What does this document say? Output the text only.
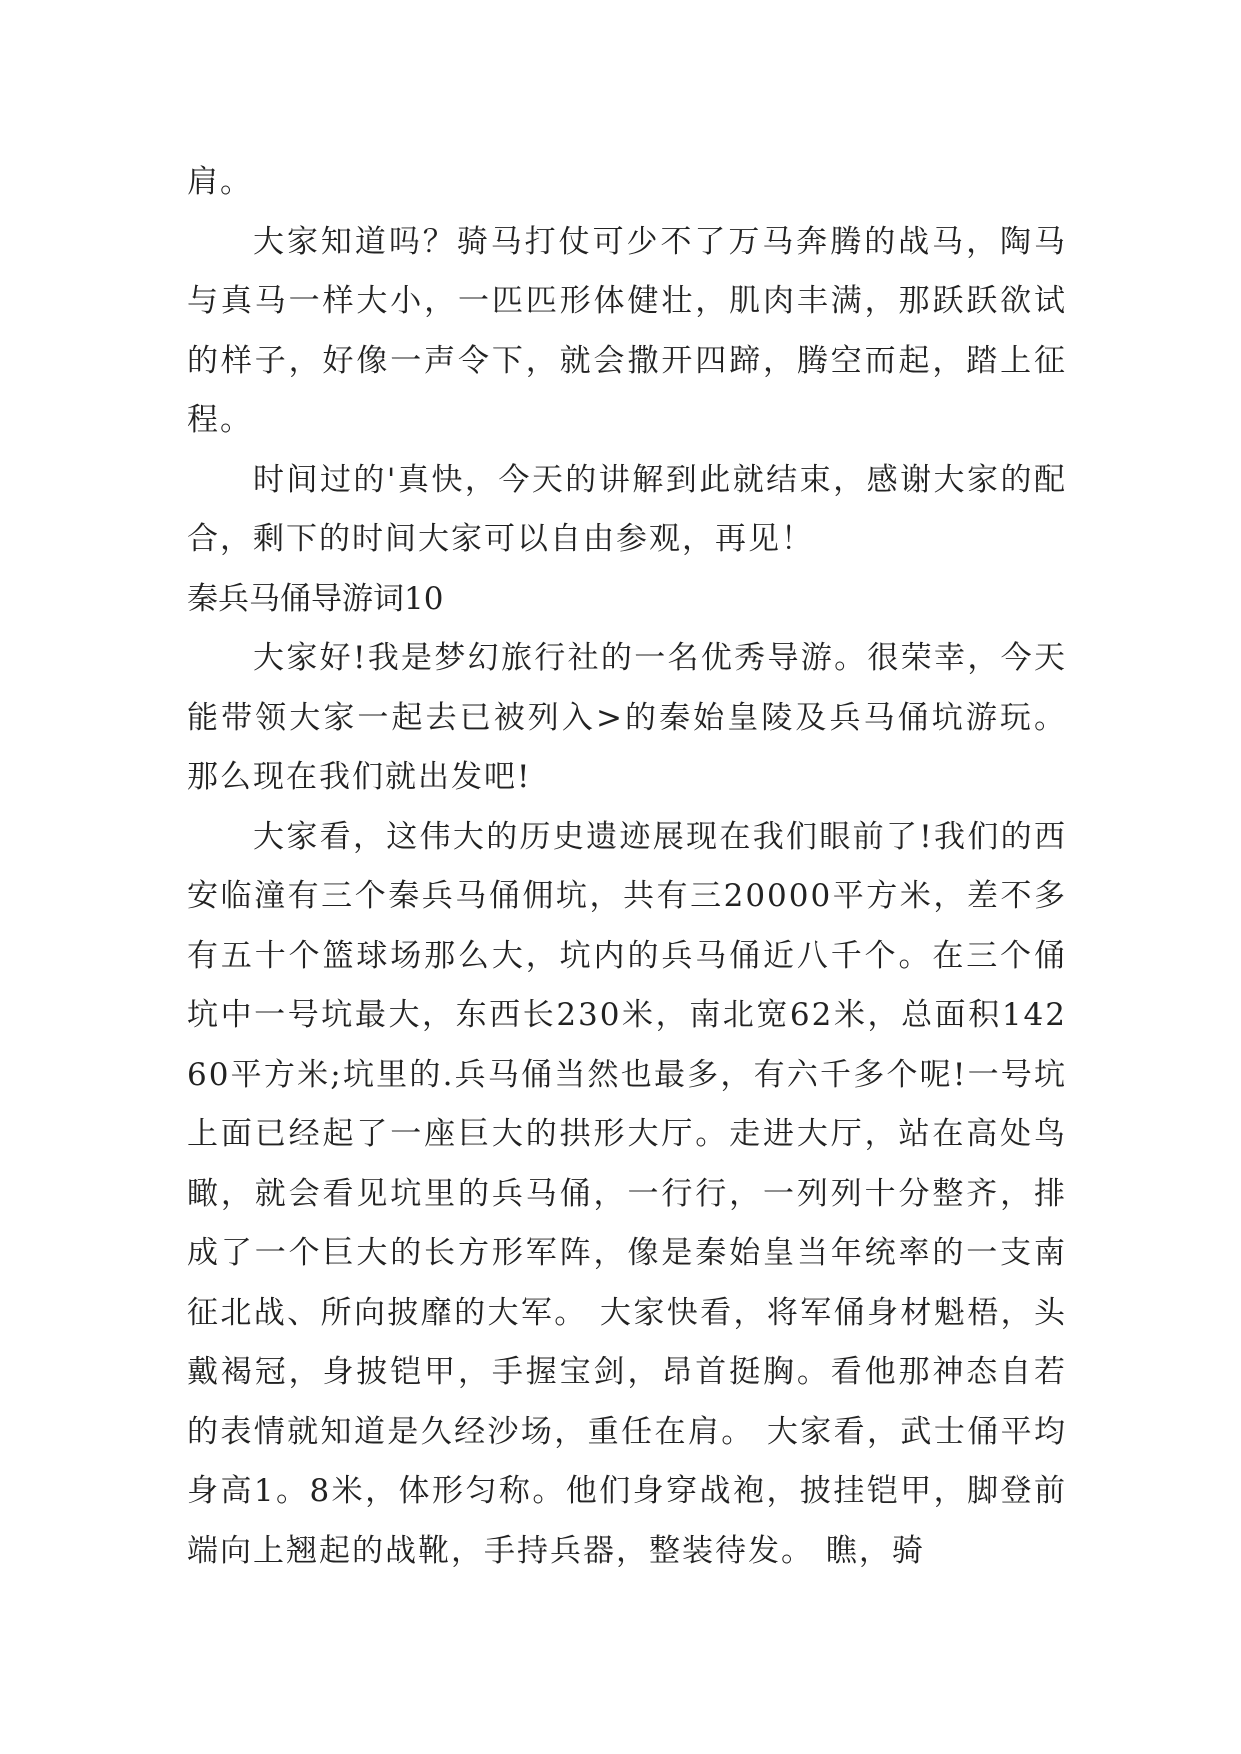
肩。

大家知道吗？骑马打仗可少不了万马奔腾的战马，陶马与真马一样大小，一匹匹形体健壮，肌肉丰满，那跃跃欲试的样子，好像一声令下，就会撒开四蹄，腾空而起，踏上征程。

时间过的'真快，今天的讲解到此就结束，感谢大家的配合，剩下的时间大家可以自由参观，再见！

秦兵马俑导游词10

大家好!我是梦幻旅行社的一名优秀导游。很荣幸，今天能带领大家一起去已被列入>的秦始皇陵及兵马俑坑游玩。那么现在我们就出发吧!

大家看，这伟大的历史遗迹展现在我们眼前了!我们的西安临潼有三个秦兵马俑佣坑，共有三20000平方米，差不多有五十个篮球场那么大，坑内的兵马俑近八千个。在三个俑坑中一号坑最大，东西长230米，南北宽62米，总面积14260平方米;坑里的.兵马俑当然也最多，有六千多个呢!一号坑上面已经起了一座巨大的拱形大厅。走进大厅，站在高处鸟瞰，就会看见坑里的兵马俑，一行行，一列列十分整齐，排成了一个巨大的长方形军阵，像是秦始皇当年统率的一支南征北战、所向披靡的大军。 大家快看，将军俑身材魁梧，头戴褐冠，身披铠甲，手握宝剑，昂首挺胸。看他那神态自若的表情就知道是久经沙场，重任在肩。 大家看，武士俑平均身高1。8米，体形匀称。他们身穿战袍，披挂铠甲，脚登前端向上翘起的战靴，手持兵器，整装待发。 瞧，骑
